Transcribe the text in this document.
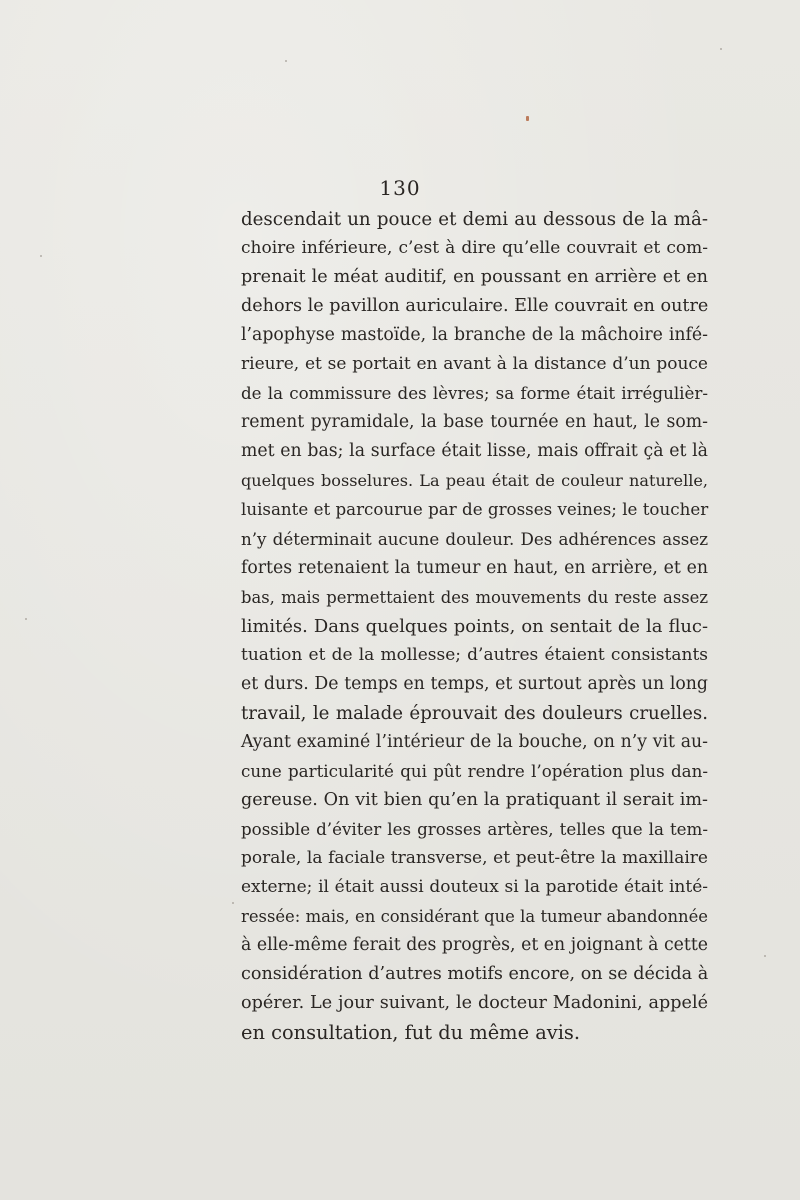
130
descendait un pouce et demi au dessous de la mâ-
choire inférieure, c’est à dire qu’elle couvrait et com-
prenait le méat auditif, en poussant en arrière et en
dehors le pavillon auriculaire. Elle couvrait en outre
l’apophyse mastoïde, la branche de la mâchoire infé-
rieure, et se portait en avant à la distance d’un pouce
de la commissure des lèvres; sa forme était irrégulièr-
rement pyramidale, la base tournée en haut, le som-
met en bas; la surface était lisse, mais offrait çà et là
quelques bosselures. La peau était de couleur naturelle,
luisante et parcourue par de grosses veines; le toucher
n’y déterminait aucune douleur. Des adhérences assez
fortes retenaient la tumeur en haut, en arrière, et en
bas, mais permettaient des mouvements du reste assez
limités. Dans quelques points, on sentait de la fluc-
tuation et de la mollesse; d’autres étaient consistants
et durs. De temps en temps, et surtout après un long
travail, le malade éprouvait des douleurs cruelles.
Ayant examiné l’intérieur de la bouche, on n’y vit au-
cune particularité qui pût rendre l’opération plus dan-
gereuse. On vit bien qu’en la pratiquant il serait im-
possible d’éviter les grosses artères, telles que la tem-
porale, la faciale transverse, et peut-être la maxillaire
externe; il était aussi douteux si la parotide était inté-
ressée: mais, en considérant que la tumeur abandonnée
à elle-même ferait des progrès, et en joignant à cette
considération d’autres motifs encore, on se décida à
opérer. Le jour suivant, le docteur Madonini, appelé
en consultation, fut du même avis.
